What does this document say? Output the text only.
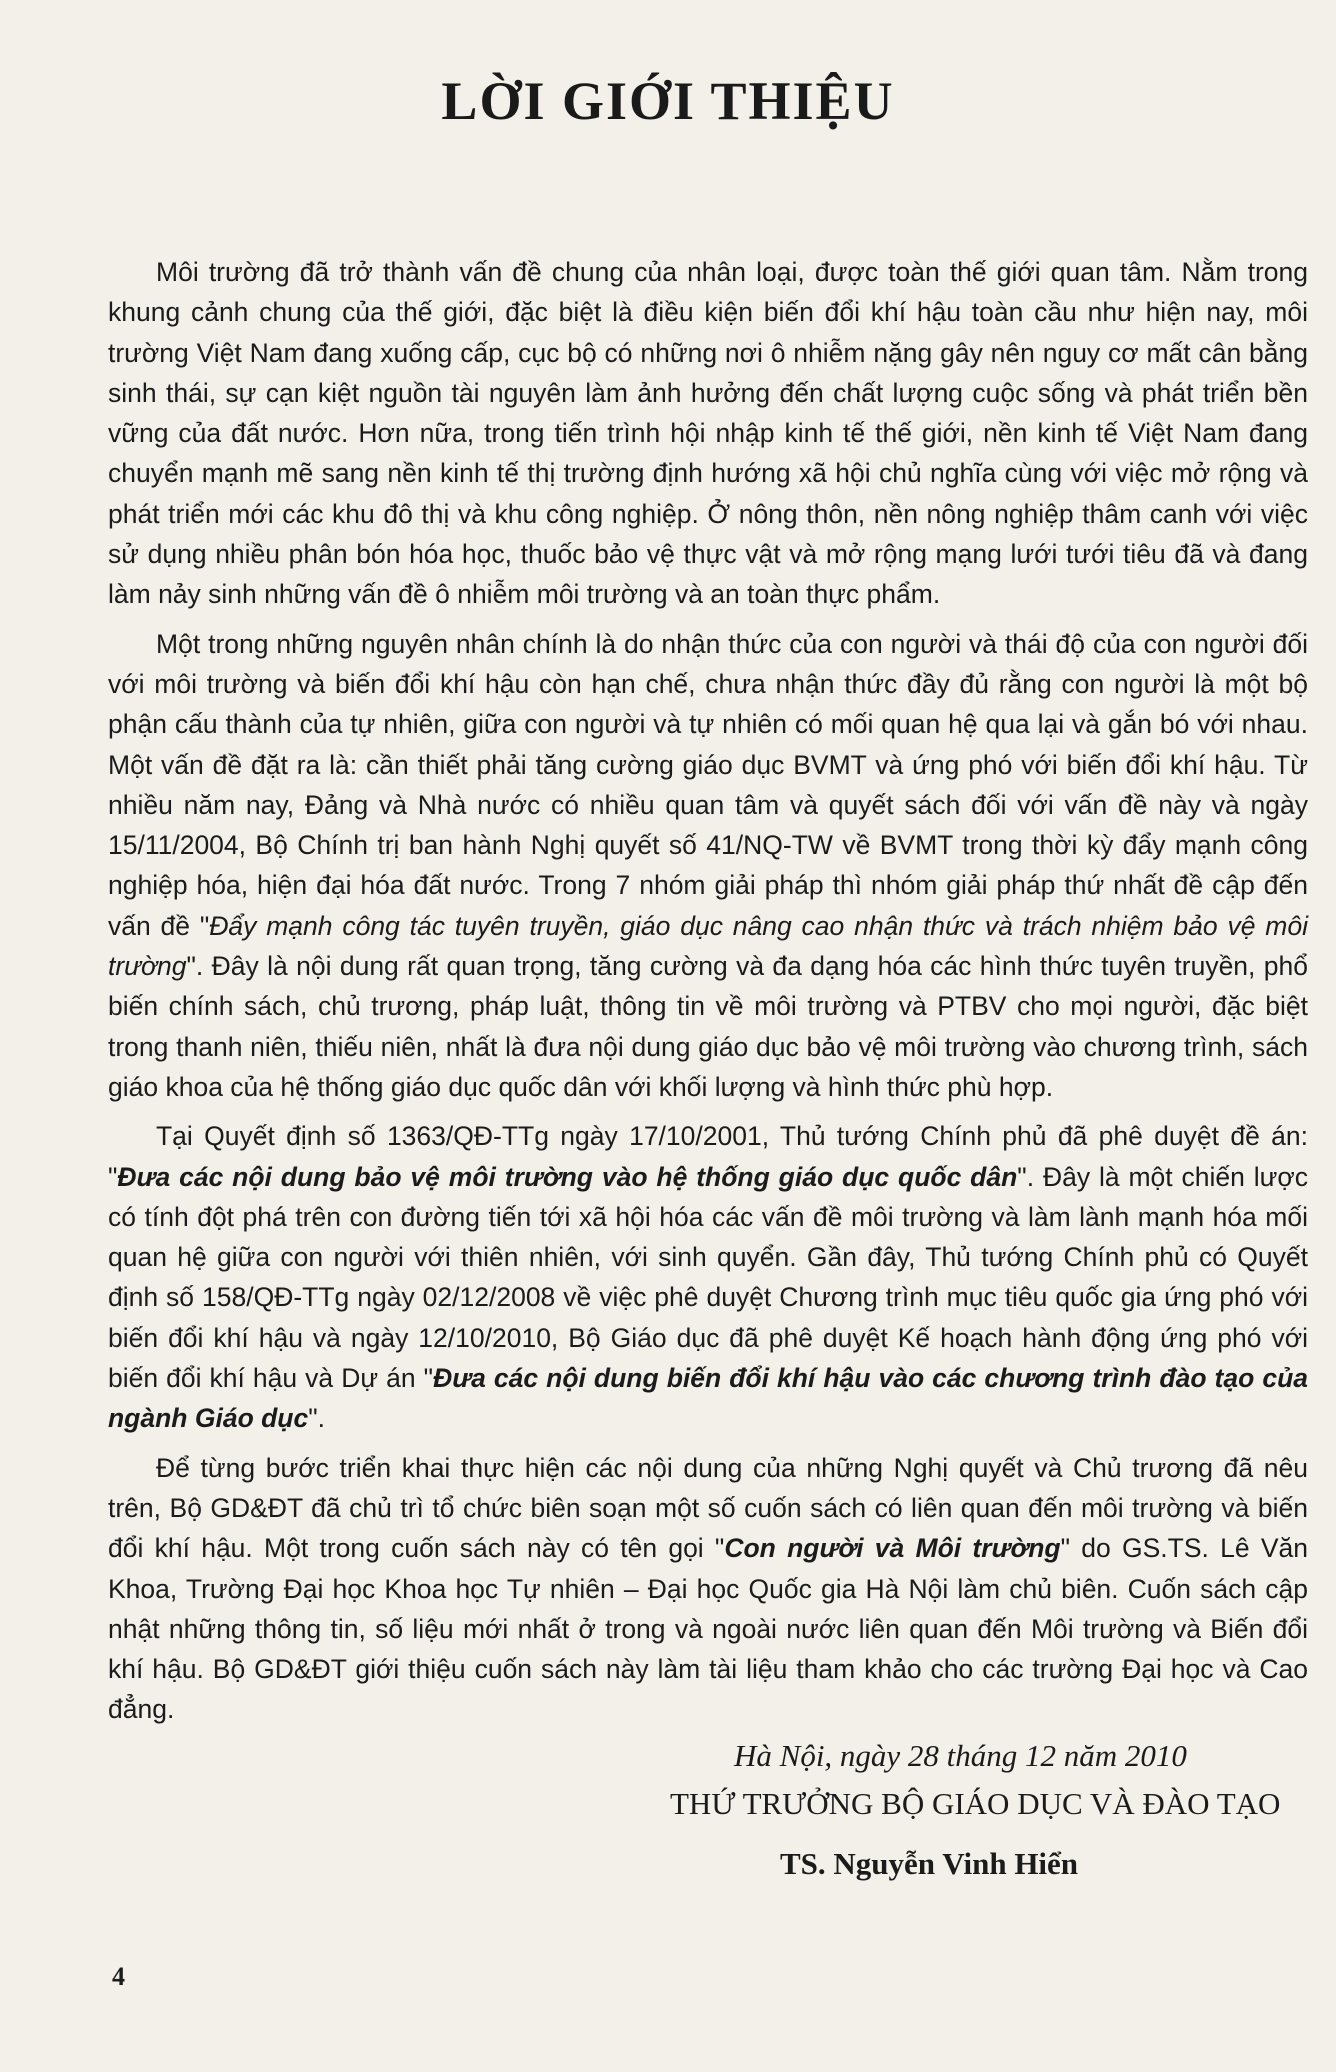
LỜI GIỚI THIỆU

Môi trường đã trở thành vấn đề chung của nhân loại, được toàn thế giới quan tâm. Nằm trong khung cảnh chung của thế giới, đặc biệt là điều kiện biến đổi khí hậu toàn cầu như hiện nay, môi trường Việt Nam đang xuống cấp, cục bộ có những nơi ô nhiễm nặng gây nên nguy cơ mất cân bằng sinh thái, sự cạn kiệt nguồn tài nguyên làm ảnh hưởng đến chất lượng cuộc sống và phát triển bền vững của đất nước. Hơn nữa, trong tiến trình hội nhập kinh tế thế giới, nền kinh tế Việt Nam đang chuyển mạnh mẽ sang nền kinh tế thị trường định hướng xã hội chủ nghĩa cùng với việc mở rộng và phát triển mới các khu đô thị và khu công nghiệp. Ở nông thôn, nền nông nghiệp thâm canh với việc sử dụng nhiều phân bón hóa học, thuốc bảo vệ thực vật và mở rộng mạng lưới tưới tiêu đã và đang làm nảy sinh những vấn đề ô nhiễm môi trường và an toàn thực phẩm.

Một trong những nguyên nhân chính là do nhận thức của con người và thái độ của con người đối với môi trường và biến đổi khí hậu còn hạn chế, chưa nhận thức đầy đủ rằng con người là một bộ phận cấu thành của tự nhiên, giữa con người và tự nhiên có mối quan hệ qua lại và gắn bó với nhau. Một vấn đề đặt ra là: cần thiết phải tăng cường giáo dục BVMT và ứng phó với biến đổi khí hậu. Từ nhiều năm nay, Đảng và Nhà nước có nhiều quan tâm và quyết sách đối với vấn đề này và ngày 15/11/2004, Bộ Chính trị ban hành Nghị quyết số 41/NQ-TW về BVMT trong thời kỳ đẩy mạnh công nghiệp hóa, hiện đại hóa đất nước. Trong 7 nhóm giải pháp thì nhóm giải pháp thứ nhất đề cập đến vấn đề "Đẩy mạnh công tác tuyên truyền, giáo dục nâng cao nhận thức và trách nhiệm bảo vệ môi trường". Đây là nội dung rất quan trọng, tăng cường và đa dạng hóa các hình thức tuyên truyền, phổ biến chính sách, chủ trương, pháp luật, thông tin về môi trường và PTBV cho mọi người, đặc biệt trong thanh niên, thiếu niên, nhất là đưa nội dung giáo dục bảo vệ môi trường vào chương trình, sách giáo khoa của hệ thống giáo dục quốc dân với khối lượng và hình thức phù hợp.

Tại Quyết định số 1363/QĐ-TTg ngày 17/10/2001, Thủ tướng Chính phủ đã phê duyệt đề án: "Đưa các nội dung bảo vệ môi trường vào hệ thống giáo dục quốc dân". Đây là một chiến lược có tính đột phá trên con đường tiến tới xã hội hóa các vấn đề môi trường và làm lành mạnh hóa mối quan hệ giữa con người với thiên nhiên, với sinh quyển. Gần đây, Thủ tướng Chính phủ có Quyết định số 158/QĐ-TTg ngày 02/12/2008 về việc phê duyệt Chương trình mục tiêu quốc gia ứng phó với biến đổi khí hậu và ngày 12/10/2010, Bộ Giáo dục đã phê duyệt Kế hoạch hành động ứng phó với biến đổi khí hậu và Dự án "Đưa các nội dung biến đổi khí hậu vào các chương trình đào tạo của ngành Giáo dục".

Để từng bước triển khai thực hiện các nội dung của những Nghị quyết và Chủ trương đã nêu trên, Bộ GD&ĐT đã chủ trì tổ chức biên soạn một số cuốn sách có liên quan đến môi trường và biến đổi khí hậu. Một trong cuốn sách này có tên gọi "Con người và Môi trường" do GS.TS. Lê Văn Khoa, Trường Đại học Khoa học Tự nhiên – Đại học Quốc gia Hà Nội làm chủ biên. Cuốn sách cập nhật những thông tin, số liệu mới nhất ở trong và ngoài nước liên quan đến Môi trường và Biến đổi khí hậu. Bộ GD&ĐT giới thiệu cuốn sách này làm tài liệu tham khảo cho các trường Đại học và Cao đẳng.

Hà Nội, ngày 28 tháng 12 năm 2010
THỨ TRƯỞNG BỘ GIÁO DỤC VÀ ĐÀO TẠO
TS. Nguyễn Vinh Hiển
4
